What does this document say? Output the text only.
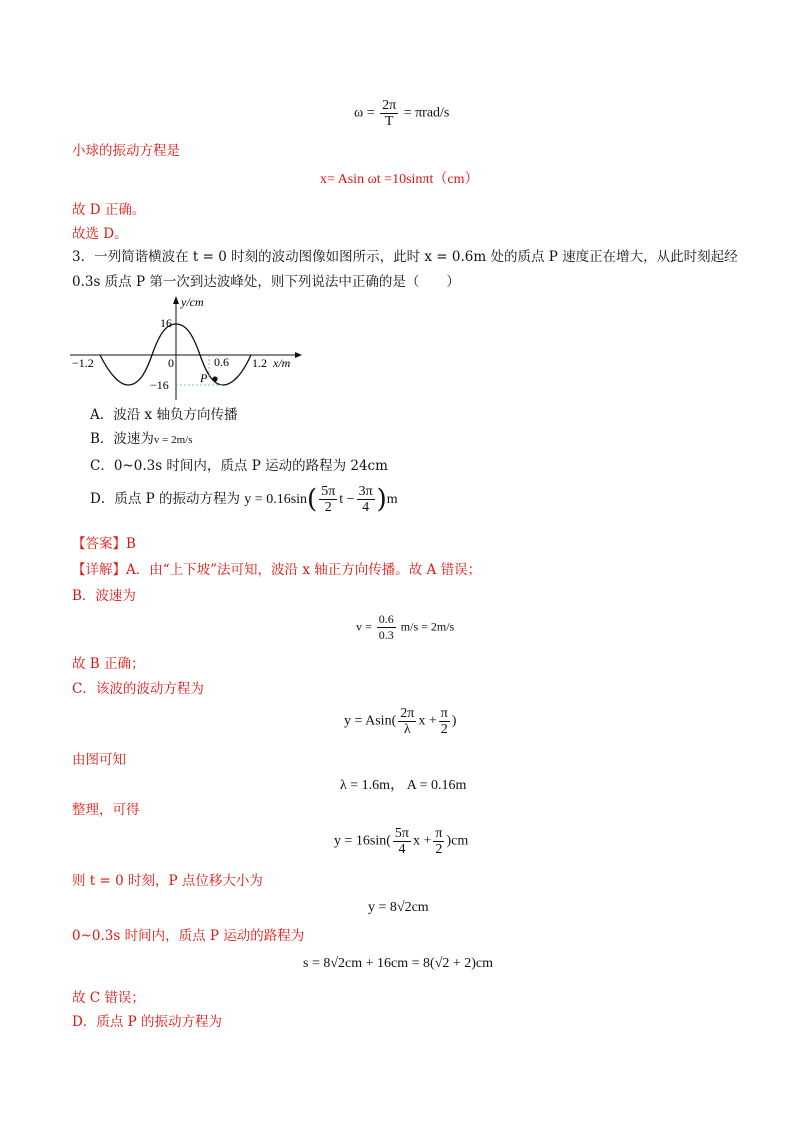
$\omega = \frac{2\pi}{T} = \pi rad/s$
小球的振动方程是
x= Asin ωt =10sinπt（cm）
故 D 正确。
故选 D。
3．一列简谐横波在 t = 0 时刻的波动图像如图所示，此时 x = 0.6m 处的质点 P 速度正在增大，从此时刻起经
0.3s 质点 P 第一次到达波峰处，则下列说法中正确的是（　　）
y/cm
16
−16
−1.2	0	0.6 1.2 x/m
P
A．波沿 x 轴负方向传播
B．波速为v = 2m/s
C．0~0.3s 时间内，质点 P 运动的路程为 24cm
D．质点 P 的振动方程为 $y = 0.16\sin( \frac{5\pi}{2}$ $t - \frac{3\pi}{4} )m$
【答案】B
【详解】A．由“上下坡”法可知，波沿 x 轴正方向传播。故 A 错误；
B．波速为
$v = \frac{0.6}{0.3} m/s = 2m/s$
故 B 正确；
C．该波的波动方程为
$y = Asin( \frac{2\pi}{\lambda}$ $x + \frac{\pi}{2}$ )
由图可知
λ = 1.6m， A = 0.16m
整理，可得
$y = 16\sin( \frac{5\pi}{4}$ $x + \frac{\pi}{2} )cm$
则 t = 0 时刻，P 点位移大小为
y = 8√2cm
0~0.3s 时间内，质点 P 运动的路程为
s = 8√2cm + 16cm = 8(√2 + 2)cm
故 C 错误；
D．质点 P 的振动方程为
